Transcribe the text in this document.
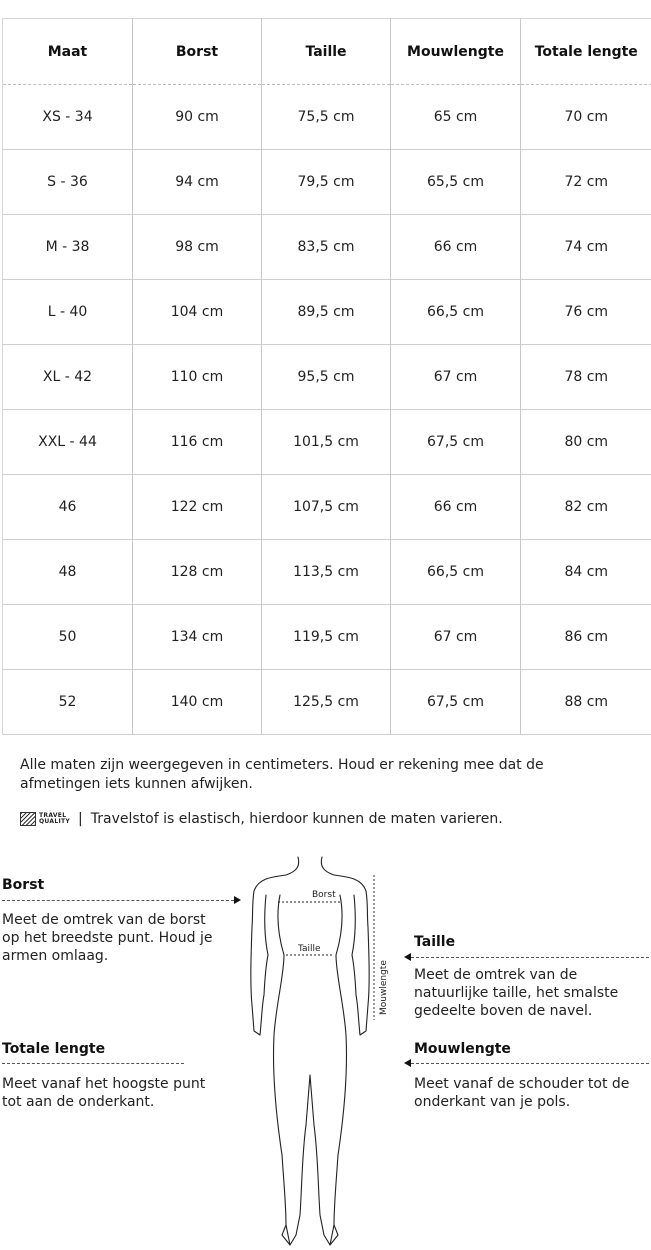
Maat	Borst	Taille	Mouwlengte	Totale lengte
XS - 34	90 cm	75,5 cm	65 cm	70 cm
S - 36	94 cm	79,5 cm	65,5 cm	72 cm
M - 38	98 cm	83,5 cm	66 cm	74 cm
L - 40	104 cm	89,5 cm	66,5 cm	76 cm
XL - 42	110 cm	95,5 cm	67 cm	78 cm
XXL - 44	116 cm	101,5 cm	67,5 cm	80 cm
46	122 cm	107,5 cm	66 cm	82 cm
48	128 cm	113,5 cm	66,5 cm	84 cm
50	134 cm	119,5 cm	67 cm	86 cm
52	140 cm	125,5 cm	67,5 cm	88 cm
Alle maten zijn weergegeven in centimeters. Houd er rekening mee dat de
afmetingen iets kunnen afwijken.
TRAVEL
QUALITY | Travelstof is elastisch, hierdoor kunnen de maten varieren.
Borst
Meet de omtrek van de borst
op het breedste punt. Houd je
armen omlaag.
Totale lengte
Meet vanaf het hoogste punt
tot aan de onderkant.
Taille
Meet de omtrek van de
natuurlijke taille, het smalste
gedeelte boven de navel.
Mouwlengte
Meet vanaf de schouder tot de
onderkant van je pols.
Borst
Taille
Mouwlengte
